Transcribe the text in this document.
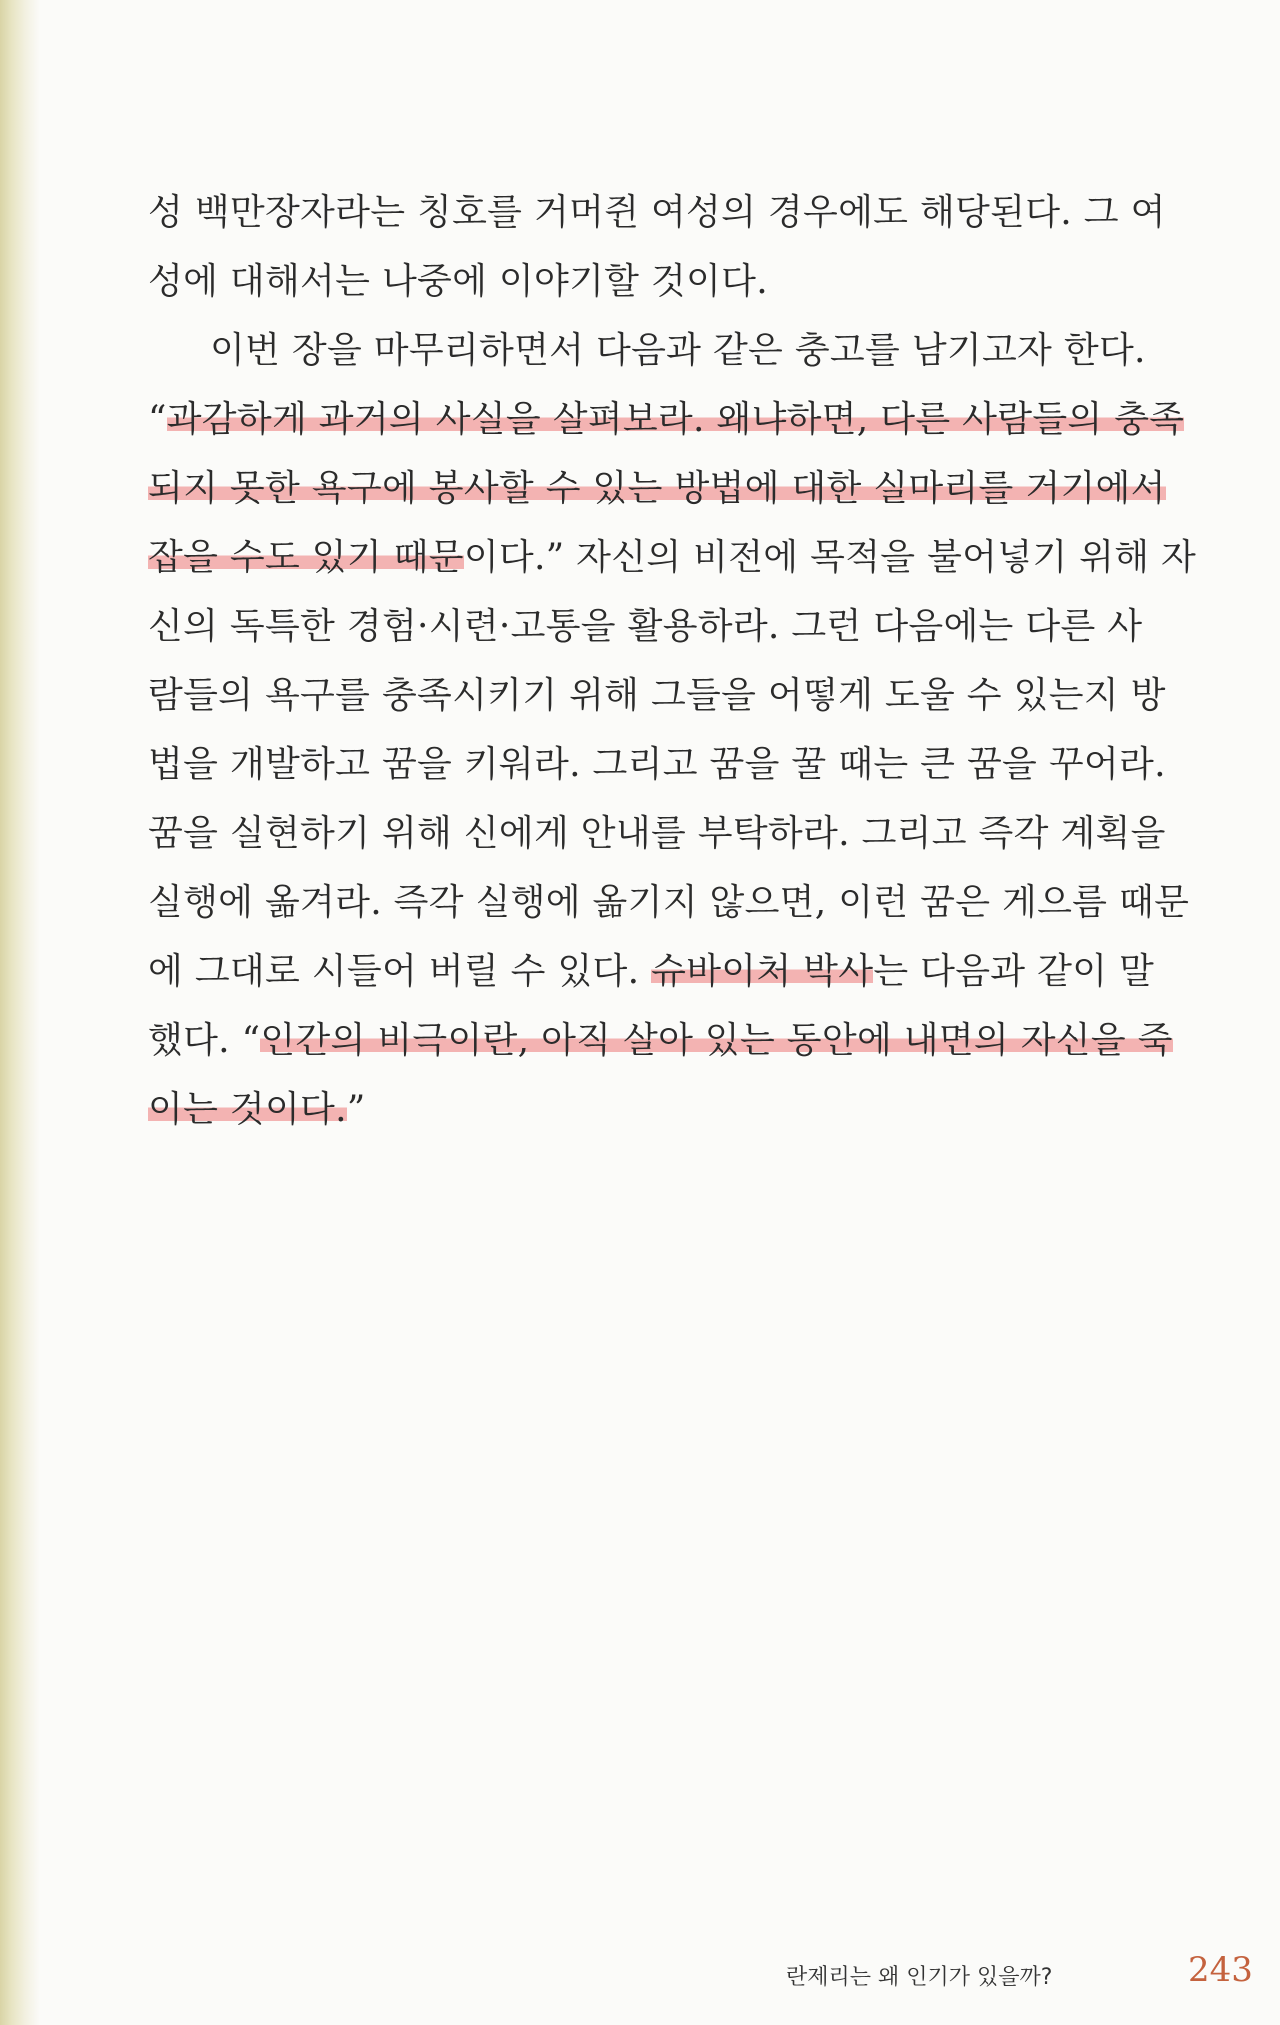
성 백만장자라는 칭호를 거머쥔 여성의 경우에도 해당된다. 그 여
성에 대해서는 나중에 이야기할 것이다.
이번 장을 마무리하면서 다음과 같은 충고를 남기고자 한다.
“과감하게 과거의 사실을 살펴보라. 왜냐하면, 다른 사람들의 충족
되지 못한 욕구에 봉사할 수 있는 방법에 대한 실마리를 거기에서
잡을 수도 있기 때문이다.” 자신의 비전에 목적을 불어넣기 위해 자
신의 독특한 경험·시련·고통을 활용하라. 그런 다음에는 다른 사
람들의 욕구를 충족시키기 위해 그들을 어떻게 도울 수 있는지 방
법을 개발하고 꿈을 키워라. 그리고 꿈을 꿀 때는 큰 꿈을 꾸어라.
꿈을 실현하기 위해 신에게 안내를 부탁하라. 그리고 즉각 계획을
실행에 옮겨라. 즉각 실행에 옮기지 않으면, 이런 꿈은 게으름 때문
에 그대로 시들어 버릴 수 있다. 슈바이처 박사는 다음과 같이 말
했다. “인간의 비극이란, 아직 살아 있는 동안에 내면의 자신을 죽
이는 것이다.”
란제리는 왜 인기가 있을까?	243
